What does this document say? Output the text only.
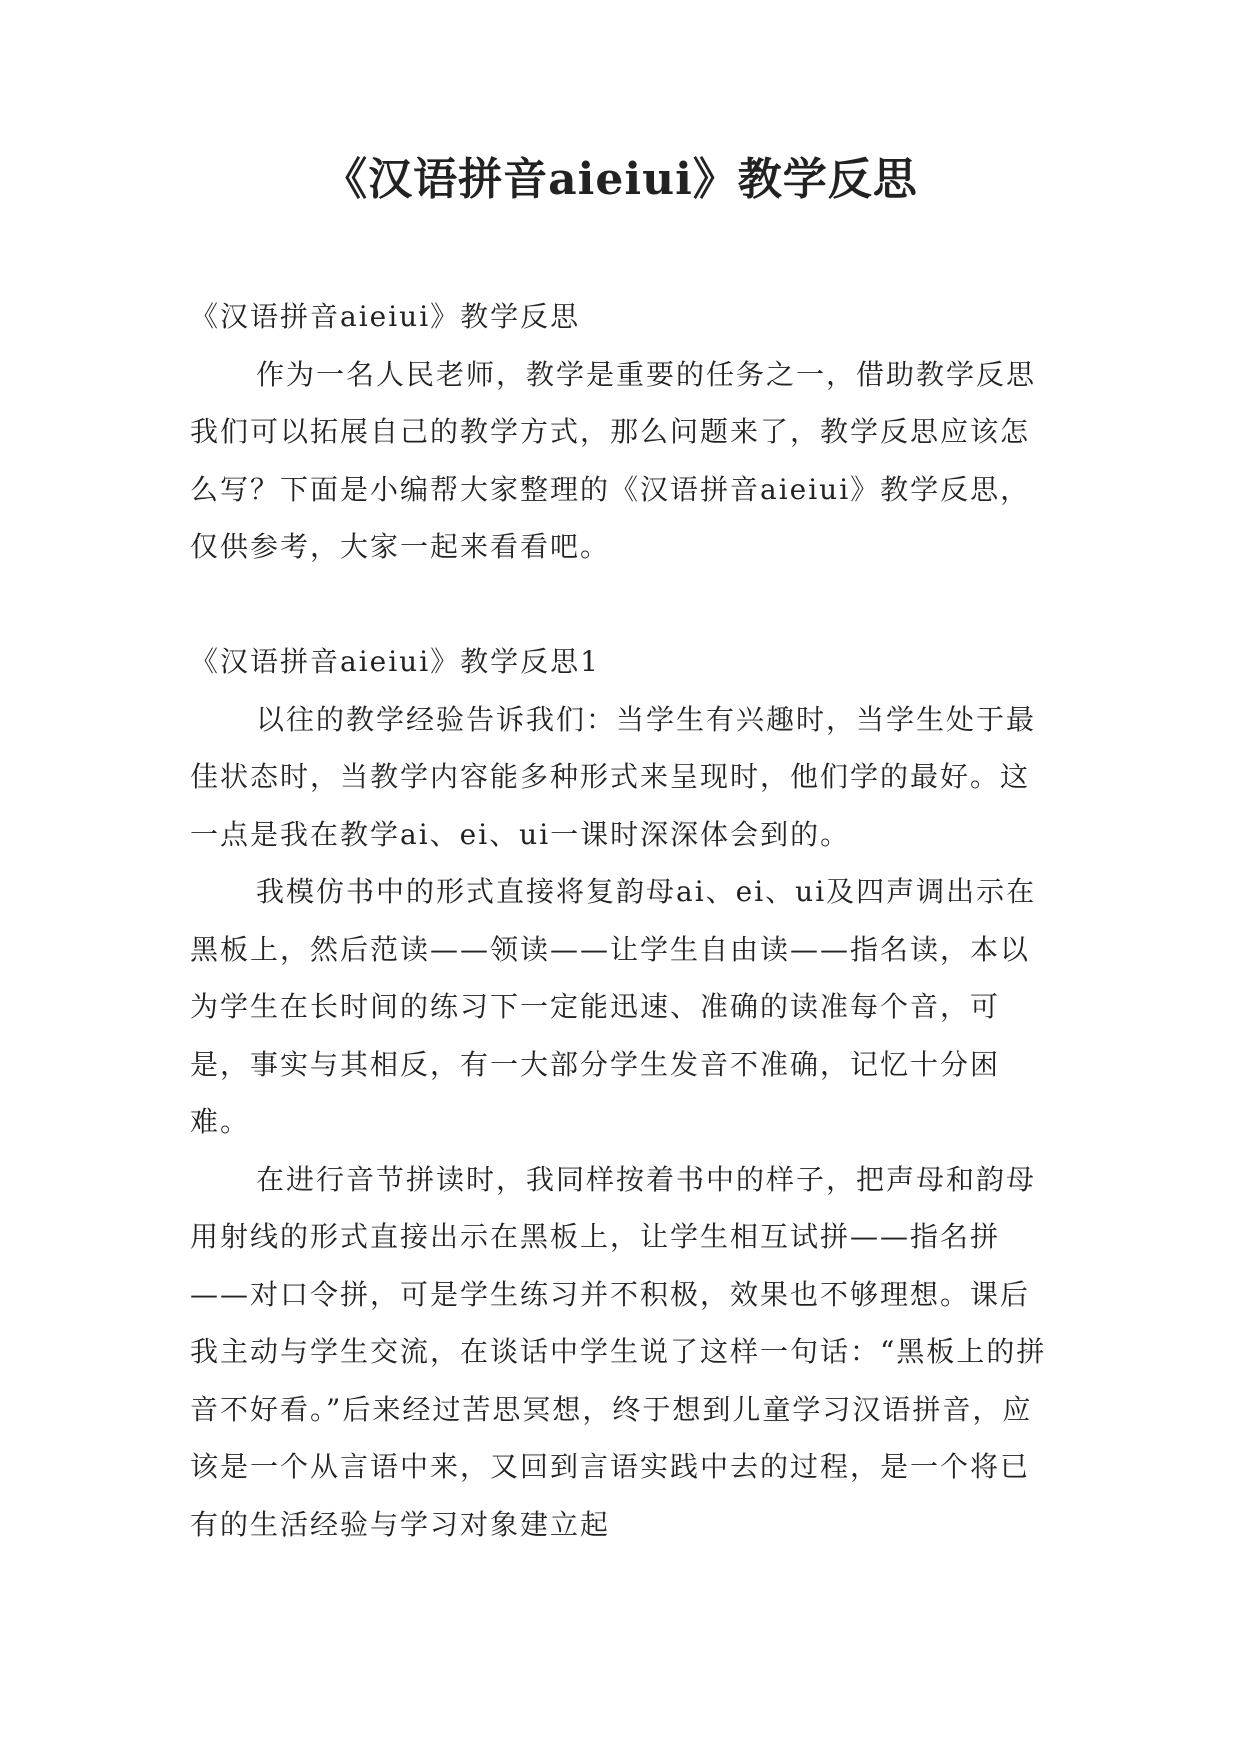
《汉语拼音aieiui》教学反思

《汉语拼音aieiui》教学反思

作为一名人民老师，教学是重要的任务之一，借助教学反思我们可以拓展自己的教学方式，那么问题来了，教学反思应该怎么写？下面是小编帮大家整理的《汉语拼音aieiui》教学反思，仅供参考，大家一起来看看吧。

《汉语拼音aieiui》教学反思1

以往的教学经验告诉我们：当学生有兴趣时，当学生处于最佳状态时，当教学内容能多种形式来呈现时，他们学的最好。这一点是我在教学ai、ei、ui一课时深深体会到的。

我模仿书中的形式直接将复韵母ai、ei、ui及四声调出示在黑板上，然后范读——领读——让学生自由读——指名读，本以为学生在长时间的练习下一定能迅速、准确的读准每个音，可是，事实与其相反，有一大部分学生发音不准确，记忆十分困难。

在进行音节拼读时，我同样按着书中的样子，把声母和韵母用射线的形式直接出示在黑板上，让学生相互试拼——指名拼——对口令拼，可是学生练习并不积极，效果也不够理想。课后我主动与学生交流，在谈话中学生说了这样一句话：“黑板上的拼音不好看。”后来经过苦思冥想，终于想到儿童学习汉语拼音，应该是一个从言语中来，又回到言语实践中去的过程，是一个将已有的生活经验与学习对象建立起
